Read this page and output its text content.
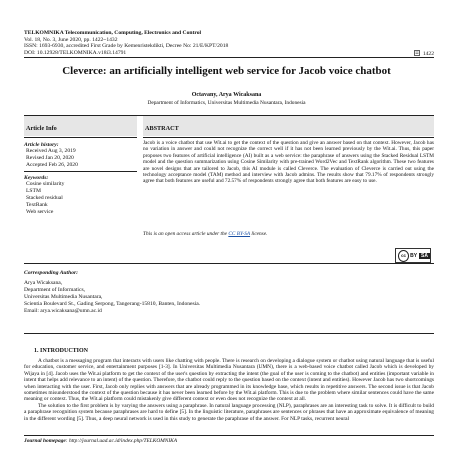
TELKOMNIKA Telecommunication, Computing, Electronics and Control
Vol. 18, No. 3, June 2020, pp. 1422~1432
ISSN: 1693-6930, accredited First Grade by Kemenristekdikti, Decree No: 21/E/KPT/2018
DOI: 10.12928/TELKOMNIKA.v18i3.14791	1422
Cleverce: an artificially intelligent web service for Jacob voice chatbot
Octavany, Arya Wicaksana
Department of Informatics, Universitas Multimedia Nusantara, Indonesia
Article Info
Article history:
Received Aug 3, 2019
Revised Jan 20, 2020
Accepted Feb 26, 2020
Keywords:
Cosine similarity
LSTM
Stacked residual
TextRank
Web service
ABSTRACT
Jacob is a voice chatbot that use Wit.ai to get the context of the question and give an answer based on that context. However, Jacob has no variation in answer and could not recognize the correct well if it has not been learned previously by the Wit.ai. Thus, this paper proposes two features of artificial intelligence (AI) built as a web service: the paraphrase of answers using the Stacked Residual LSTM model and the question summarization using Cosine Similarity with pre-trained Word2Vec and TextRank algorithm. These two features are novel designs that are tailored to Jacob, this AI module is called Cleverce. The evaluation of Cleverce is carried out using the technology acceptance model (TAM) method and interview with Jacob admins. The results show that 79.17% of respondents strongly agree that both features are useful and 72.57% of respondents strongly agree that both features are easy to use.
This is an open access article under the CC BY-SA license.
cc BY SA
Corresponding Author:
Arya Wicaksana,
Department of Informatics,
Universitas Multimedia Nusantara,
Scientia Boulevard St., Gading Serpong, Tangerang-15810, Banten, Indonesia.
Email: arya.wicaksana@umn.ac.id
1. INTRODUCTION

A chatbot is a messaging program that interacts with users like chatting with people. There is research on developing a dialogue system or chatbot using natural language that is useful for education, customer service, and entertainment purposes [1-3]. In Universitas Multimedia Nusantara (UMN), there is a web-based voice chatbot called Jacob which is developed by Wijaya in [4]. Jacob uses the Wit.ai platform to get the context of the user's question by extracting the intent (the goal of the user is coming to the chatbot) and entities (important variable in intent that helps add relevance to an intent) of the question. Therefore, the chatbot could reply to the question based on the context (intent and entities). However Jacob has two shortcomings when interacting with the user. First, Jacob only replies with answers that are already programmed in its knowledge base, which results in repetitive answers. The second issue is that Jacob sometimes misunderstood the context of the question because it has never been learned before by the Wit.ai platform. This is due to the problem where similar sentences could have the same meaning or context. Thus, the Wit.ai platform could mistakenly give different context or even does not recognize the context at all.

The solution to the first problem is by varying the answers using a paraphrase. In natural language processing (NLP), paraphrases are an interesting task to solve. It is difficult to build a paraphrase recognition system because paraphrases are hard to define [5]. In the linguistic literature, paraphrases are sentences or phrases that have an approximate equivalence of meaning in the different wording [5]. Thus, a deep neural network is used in this study to generate the paraphrase of the answer. For NLP tasks, recurrent neural

Journal homepage: http://journal.uad.ac.id/index.php/TELKOMNIKA
